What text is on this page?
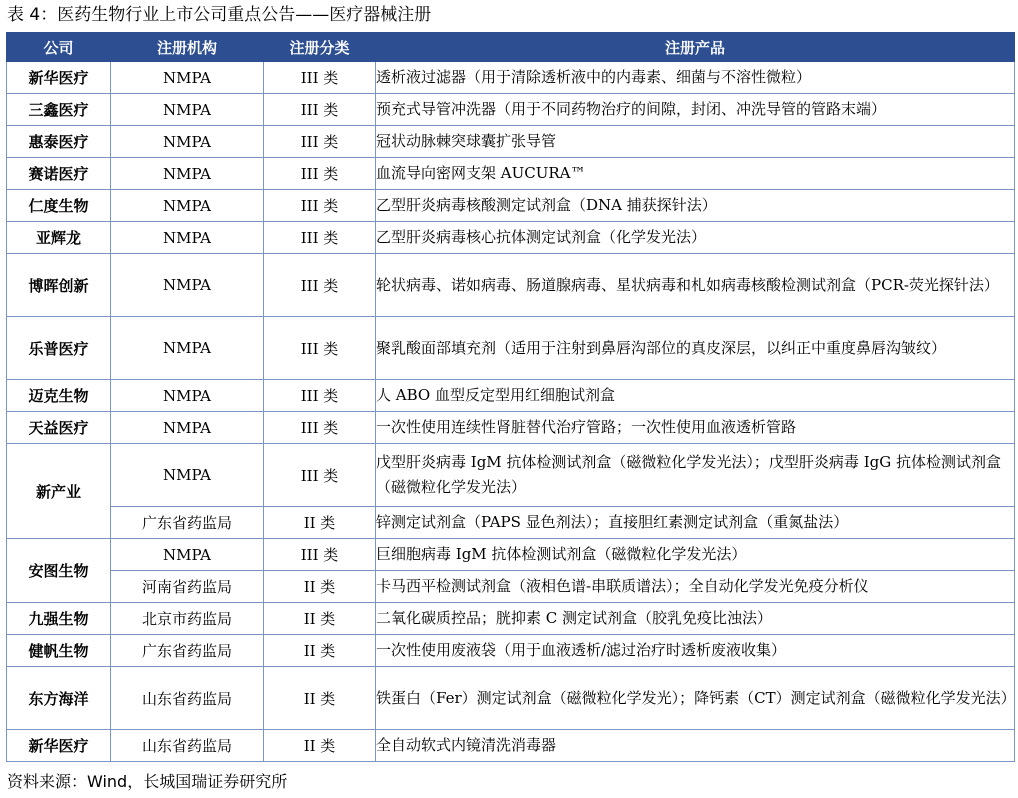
表 4：医药生物行业上市公司重点公告——医疗器械注册
公司	注册机构	注册分类	注册产品
新华医疗	NMPA	III 类	透析液过滤器（用于清除透析液中的内毒素、细菌与不溶性微粒）
三鑫医疗	NMPA	III 类	预充式导管冲洗器（用于不同药物治疗的间隙，封闭、冲洗导管的管路末端）
惠泰医疗	NMPA	III 类	冠状动脉棘突球囊扩张导管
赛诺医疗	NMPA	III 类	血流导向密网支架 AUCURA™
仁度生物	NMPA	III 类	乙型肝炎病毒核酸测定试剂盒（DNA 捕获探针法）
亚辉龙	NMPA	III 类	乙型肝炎病毒核心抗体测定试剂盒（化学发光法）
博晖创新	NMPA	III 类	轮状病毒、诺如病毒、肠道腺病毒、星状病毒和札如病毒核酸检测试剂盒（PCR-荧光探针法）
乐普医疗	NMPA	III 类	聚乳酸面部填充剂（适用于注射到鼻唇沟部位的真皮深层，以纠正中重度鼻唇沟皱纹）
迈克生物	NMPA	III 类	人 ABO 血型反定型用红细胞试剂盒
天益医疗	NMPA	III 类	一次性使用连续性肾脏替代治疗管路；一次性使用血液透析管路
新产业	NMPA	III 类	戊型肝炎病毒 IgM 抗体检测试剂盒（磁微粒化学发光法）；戊型肝炎病毒 IgG 抗体检测试剂盒（磁微粒化学发光法）
	广东省药监局	II 类	锌测定试剂盒（PAPS 显色剂法）；直接胆红素测定试剂盒（重氮盐法）
安图生物	NMPA	III 类	巨细胞病毒 IgM 抗体检测试剂盒（磁微粒化学发光法）
	河南省药监局	II 类	卡马西平检测试剂盒（液相色谱-串联质谱法）；全自动化学发光免疫分析仪
九强生物	北京市药监局	II 类	二氧化碳质控品；胱抑素 C 测定试剂盒（胶乳免疫比浊法）
健帆生物	广东省药监局	II 类	一次性使用废液袋（用于血液透析/滤过治疗时透析废液收集）
东方海洋	山东省药监局	II 类	铁蛋白（Fer）测定试剂盒（磁微粒化学发光）；降钙素（CT）测定试剂盒（磁微粒化学发光法）
新华医疗	山东省药监局	II 类	全自动软式内镜清洗消毒器
资料来源：Wind，长城国瑞证券研究所
